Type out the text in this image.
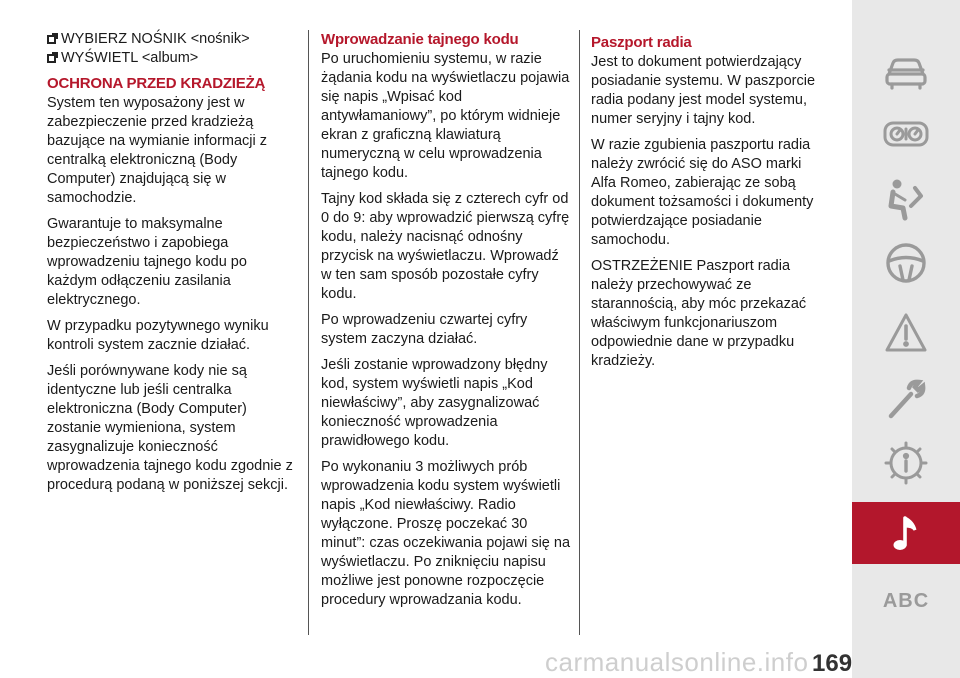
WYBIERZ NOŚNIK <nośnik>
WYŚWIETL <album>
OCHRONA PRZED KRADZIEŻĄ

System ten wyposażony jest w zabezpieczenie przed kradzieżą bazujące na wymianie informacji z centralką elektroniczną (Body Computer) znajdującą się w samochodzie.

Gwarantuje to maksymalne bezpieczeństwo i zapobiega wprowadzeniu tajnego kodu po każdym odłączeniu zasilania elektrycznego.

W przypadku pozytywnego wyniku kontroli system zacznie działać.

Jeśli porównywane kody nie są identyczne lub jeśli centralka elektroniczna (Body Computer) zostanie wymieniona, system zasygnalizuje konieczność wprowadzenia tajnego kodu zgodnie z procedurą podaną w poniższej sekcji.

Wprowadzanie tajnego kodu

Po uruchomieniu systemu, w razie żądania kodu na wyświetlaczu pojawia się napis „Wpisać kod antywłamaniowy”, po którym widnieje ekran z graficzną klawiaturą numeryczną w celu wprowadzenia tajnego kodu.

Tajny kod składa się z czterech cyfr od 0 do 9: aby wprowadzić pierwszą cyfrę kodu, należy nacisnąć odnośny przycisk na wyświetlaczu. Wprowadź w ten sam sposób pozostałe cyfry kodu.

Po wprowadzeniu czwartej cyfry system zaczyna działać.

Jeśli zostanie wprowadzony błędny kod, system wyświetli napis „Kod niewłaściwy”, aby zasygnalizować konieczność wprowadzenia prawidłowego kodu.

Po wykonaniu 3 możliwych prób wprowadzenia kodu system wyświetli napis „Kod niewłaściwy. Radio wyłączone. Proszę poczekać 30 minut”: czas oczekiwania pojawi się na wyświetlaczu. Po zniknięciu napisu możliwe jest ponowne rozpoczęcie procedury wprowadzania kodu.

Paszport radia

Jest to dokument potwierdzający posiadanie systemu. W paszporcie radia podany jest model systemu, numer seryjny i tajny kod.

W razie zgubienia paszportu radia należy zwrócić się do ASO marki Alfa Romeo, zabierając ze sobą dokument tożsamości i dokumenty potwierdzające posiadanie samochodu.

OSTRZEŻENIE Paszport radia należy przechowywać ze starannością, aby móc przekazać właściwym funkcjonariuszom odpowiednie dane w przypadku kradzieży.

ABC
carmanualsonline.info 169
